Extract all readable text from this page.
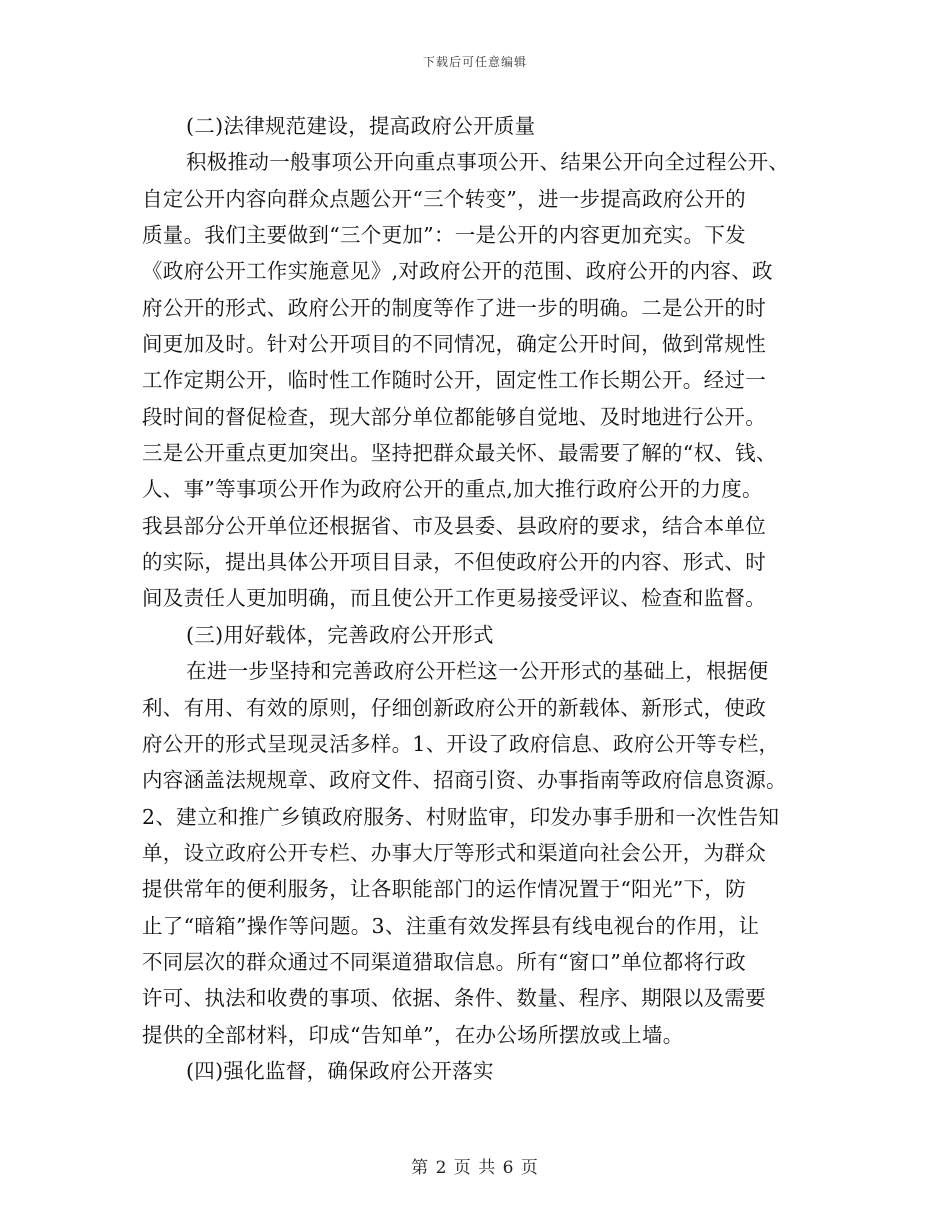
下载后可任意编辑
(二)法律规范建设，提高政府公开质量
积极推动一般事项公开向重点事项公开、结果公开向全过程公开、
自定公开内容向群众点题公开“三个转变”，进一步提高政府公开的
质量。我们主要做到“三个更加”：一是公开的内容更加充实。下发
《政府公开工作实施意见》,对政府公开的范围、政府公开的内容、政
府公开的形式、政府公开的制度等作了进一步的明确。二是公开的时
间更加及时。针对公开项目的不同情况，确定公开时间，做到常规性
工作定期公开，临时性工作随时公开，固定性工作长期公开。经过一
段时间的督促检查，现大部分单位都能够自觉地、及时地进行公开。
三是公开重点更加突出。坚持把群众最关怀、最需要了解的“权、钱、
人、事”等事项公开作为政府公开的重点,加大推行政府公开的力度。
我县部分公开单位还根据省、市及县委、县政府的要求，结合本单位
的实际，提出具体公开项目目录，不但使政府公开的内容、形式、时
间及责任人更加明确，而且使公开工作更易接受评议、检查和监督。
(三)用好载体，完善政府公开形式
在进一步坚持和完善政府公开栏这一公开形式的基础上，根据便
利、有用、有效的原则，仔细创新政府公开的新载体、新形式，使政
府公开的形式呈现灵活多样。1、开设了政府信息、政府公开等专栏，
内容涵盖法规规章、政府文件、招商引资、办事指南等政府信息资源。
2、建立和推广乡镇政府服务、村财监审，印发办事手册和一次性告知
单，设立政府公开专栏、办事大厅等形式和渠道向社会公开，为群众
提供常年的便利服务，让各职能部门的运作情况置于“阳光”下，防
止了“暗箱”操作等问题。3、注重有效发挥县有线电视台的作用，让
不同层次的群众通过不同渠道猎取信息。所有“窗口”单位都将行政
许可、执法和收费的事项、依据、条件、数量、程序、期限以及需要
提供的全部材料，印成“告知单”，在办公场所摆放或上墙。
(四)强化监督，确保政府公开落实
第 2 页 共 6 页
